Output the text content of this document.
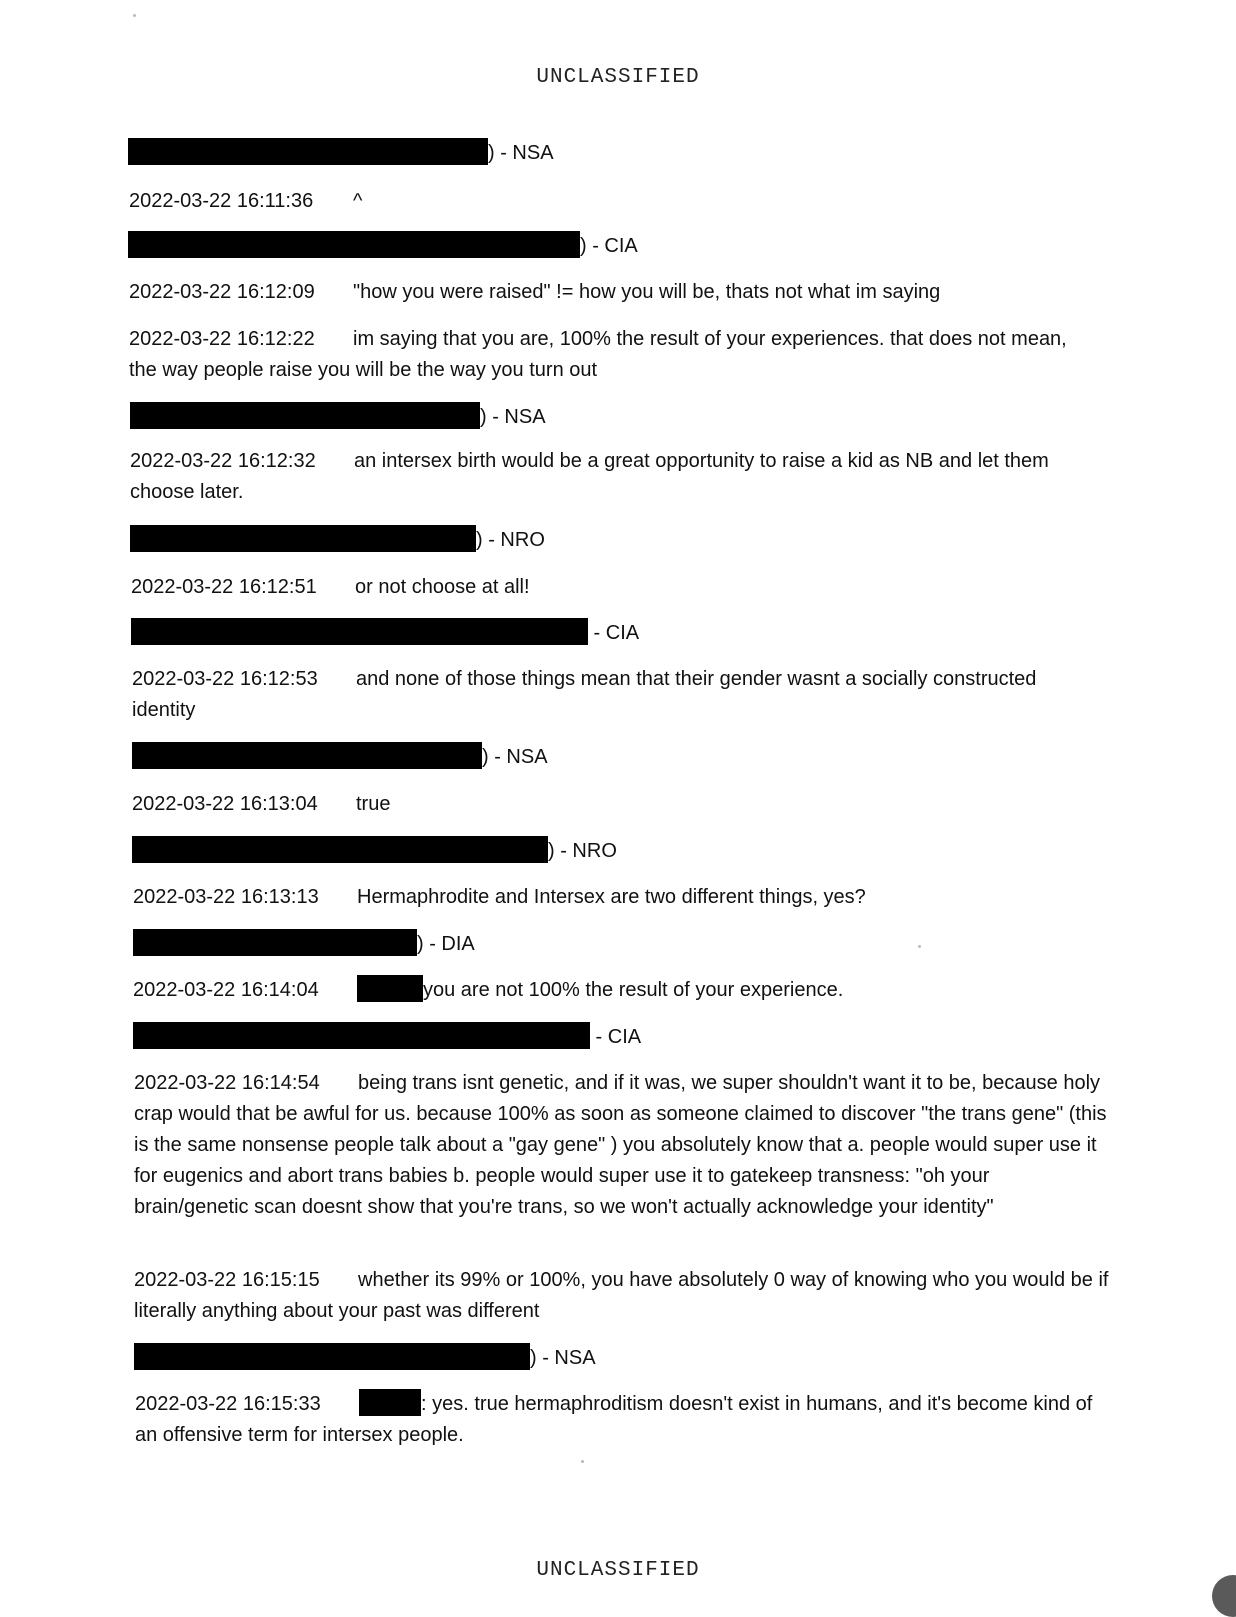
UNCLASSIFIED
) - NSA
2022-03-22 16:11:36 ^
) - CIA
2022-03-22 16:12:09 "how you were raised" != how you will be, thats not what im saying
2022-03-22 16:12:22 im saying that you are, 100% the result of your experiences. that does not mean, the way people raise you will be the way you turn out
) - NSA
2022-03-22 16:12:32 an intersex birth would be a great opportunity to raise a kid as NB and let them choose later.
) - NRO
2022-03-22 16:12:51 or not choose at all!
- CIA
2022-03-22 16:12:53 and none of those things mean that their gender wasnt a socially constructed identity
) - NSA
2022-03-22 16:13:04 true
) - NRO
2022-03-22 16:13:13 Hermaphrodite and Intersex are two different things, yes?
) - DIA
2022-03-22 16:14:04	you are not 100% the result of your experience.
- CIA
2022-03-22 16:14:54 being trans isnt genetic, and if it was, we super shouldn't want it to be, because holy crap would that be awful for us. because 100% as soon as someone claimed to discover "the trans gene" (this is the same nonsense people talk about a "gay gene" ) you absolutely know that a. people would super use it for eugenics and abort trans babies b. people would super use it to gatekeep transness: "oh your brain/genetic scan doesnt show that you're trans, so we won't actually acknowledge your identity"
2022-03-22 16:15:15 whether its 99% or 100%, you have absolutely 0 way of knowing who you would be if literally anything about your past was different
) - NSA
2022-03-22 16:15:33	: yes. true hermaphroditism doesn't exist in humans, and it's become kind of an offensive term for intersex people.
UNCLASSIFIED
